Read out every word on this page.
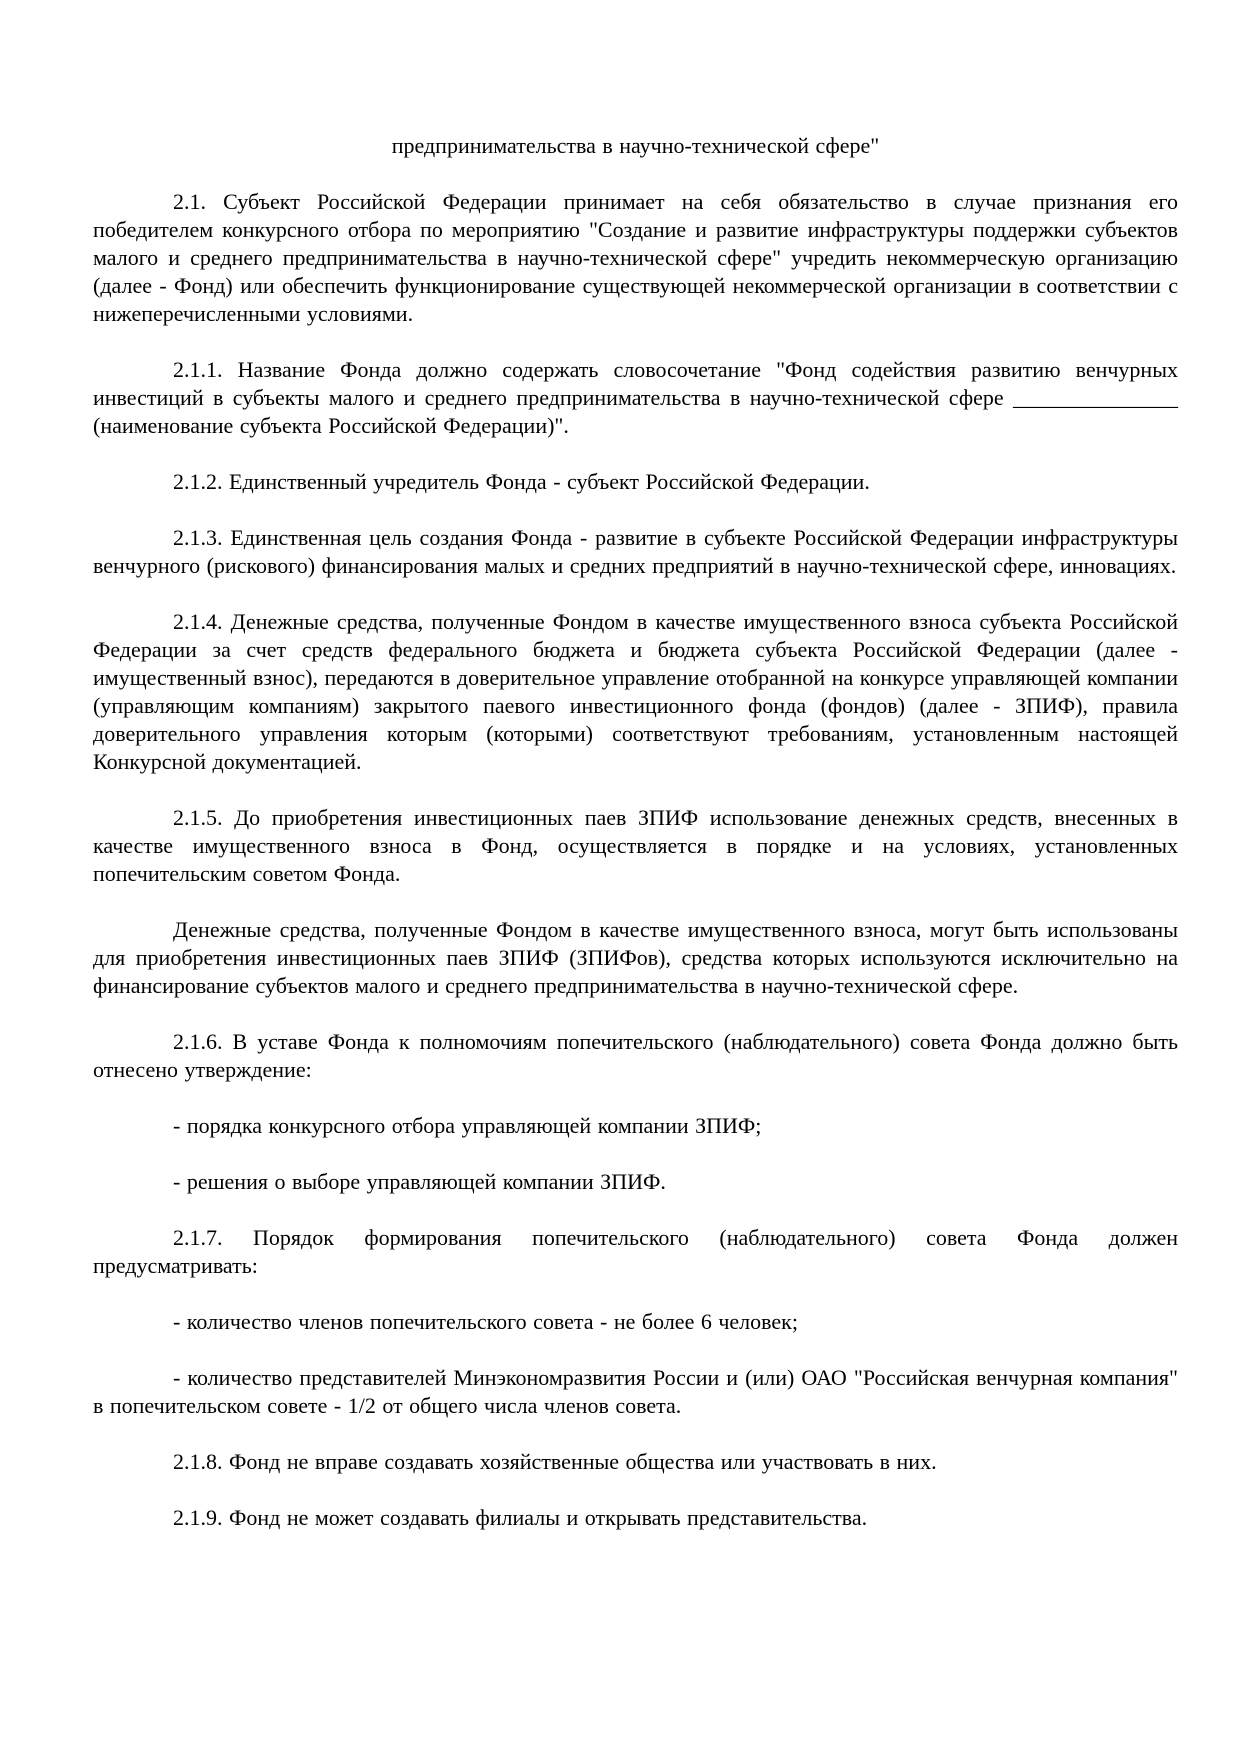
предпринимательства в научно-технической сфере"

2.1. Субъект Российской Федерации принимает на себя обязательство в случае признания его победителем конкурсного отбора по мероприятию "Создание и развитие инфраструктуры поддержки субъектов малого и среднего предпринимательства в научно-технической сфере" учредить некоммерческую организацию (далее - Фонд) или обеспечить функционирование существующей некоммерческой организации в соответствии с нижеперечисленными условиями.

2.1.1. Название Фонда должно содержать словосочетание "Фонд содействия развитию венчурных инвестиций в субъекты малого и среднего предпринимательства в научно-технической сфере _______________ (наименование субъекта Российской Федерации)".

2.1.2. Единственный учредитель Фонда - субъект Российской Федерации.

2.1.3. Единственная цель создания Фонда - развитие в субъекте Российской Федерации инфраструктуры венчурного (рискового) финансирования малых и средних предприятий в научно-технической сфере, инновациях.

2.1.4. Денежные средства, полученные Фондом в качестве имущественного взноса субъекта Российской Федерации за счет средств федерального бюджета и бюджета субъекта Российской Федерации (далее - имущественный взнос), передаются в доверительное управление отобранной на конкурсе управляющей компании (управляющим компаниям) закрытого паевого инвестиционного фонда (фондов) (далее - ЗПИФ), правила доверительного управления которым (которыми) соответствуют требованиям, установленным настоящей Конкурсной документацией.

2.1.5. До приобретения инвестиционных паев ЗПИФ использование денежных средств, внесенных в качестве имущественного взноса в Фонд, осуществляется в порядке и на условиях, установленных попечительским советом Фонда.

Денежные средства, полученные Фондом в качестве имущественного взноса, могут быть использованы для приобретения инвестиционных паев ЗПИФ (ЗПИФов), средства которых используются исключительно на финансирование субъектов малого и среднего предпринимательства в научно-технической сфере.

2.1.6. В уставе Фонда к полномочиям попечительского (наблюдательного) совета Фонда должно быть отнесено утверждение:

- порядка конкурсного отбора управляющей компании ЗПИФ;

- решения о выборе управляющей компании ЗПИФ.

2.1.7. Порядок формирования попечительского (наблюдательного) совета Фонда должен предусматривать:

- количество членов попечительского совета - не более 6 человек;

- количество представителей Минэкономразвития России и (или) ОАО "Российская венчурная компания" в попечительском совете - 1/2 от общего числа членов совета.

2.1.8. Фонд не вправе создавать хозяйственные общества или участвовать в них.

2.1.9. Фонд не может создавать филиалы и открывать представительства.
